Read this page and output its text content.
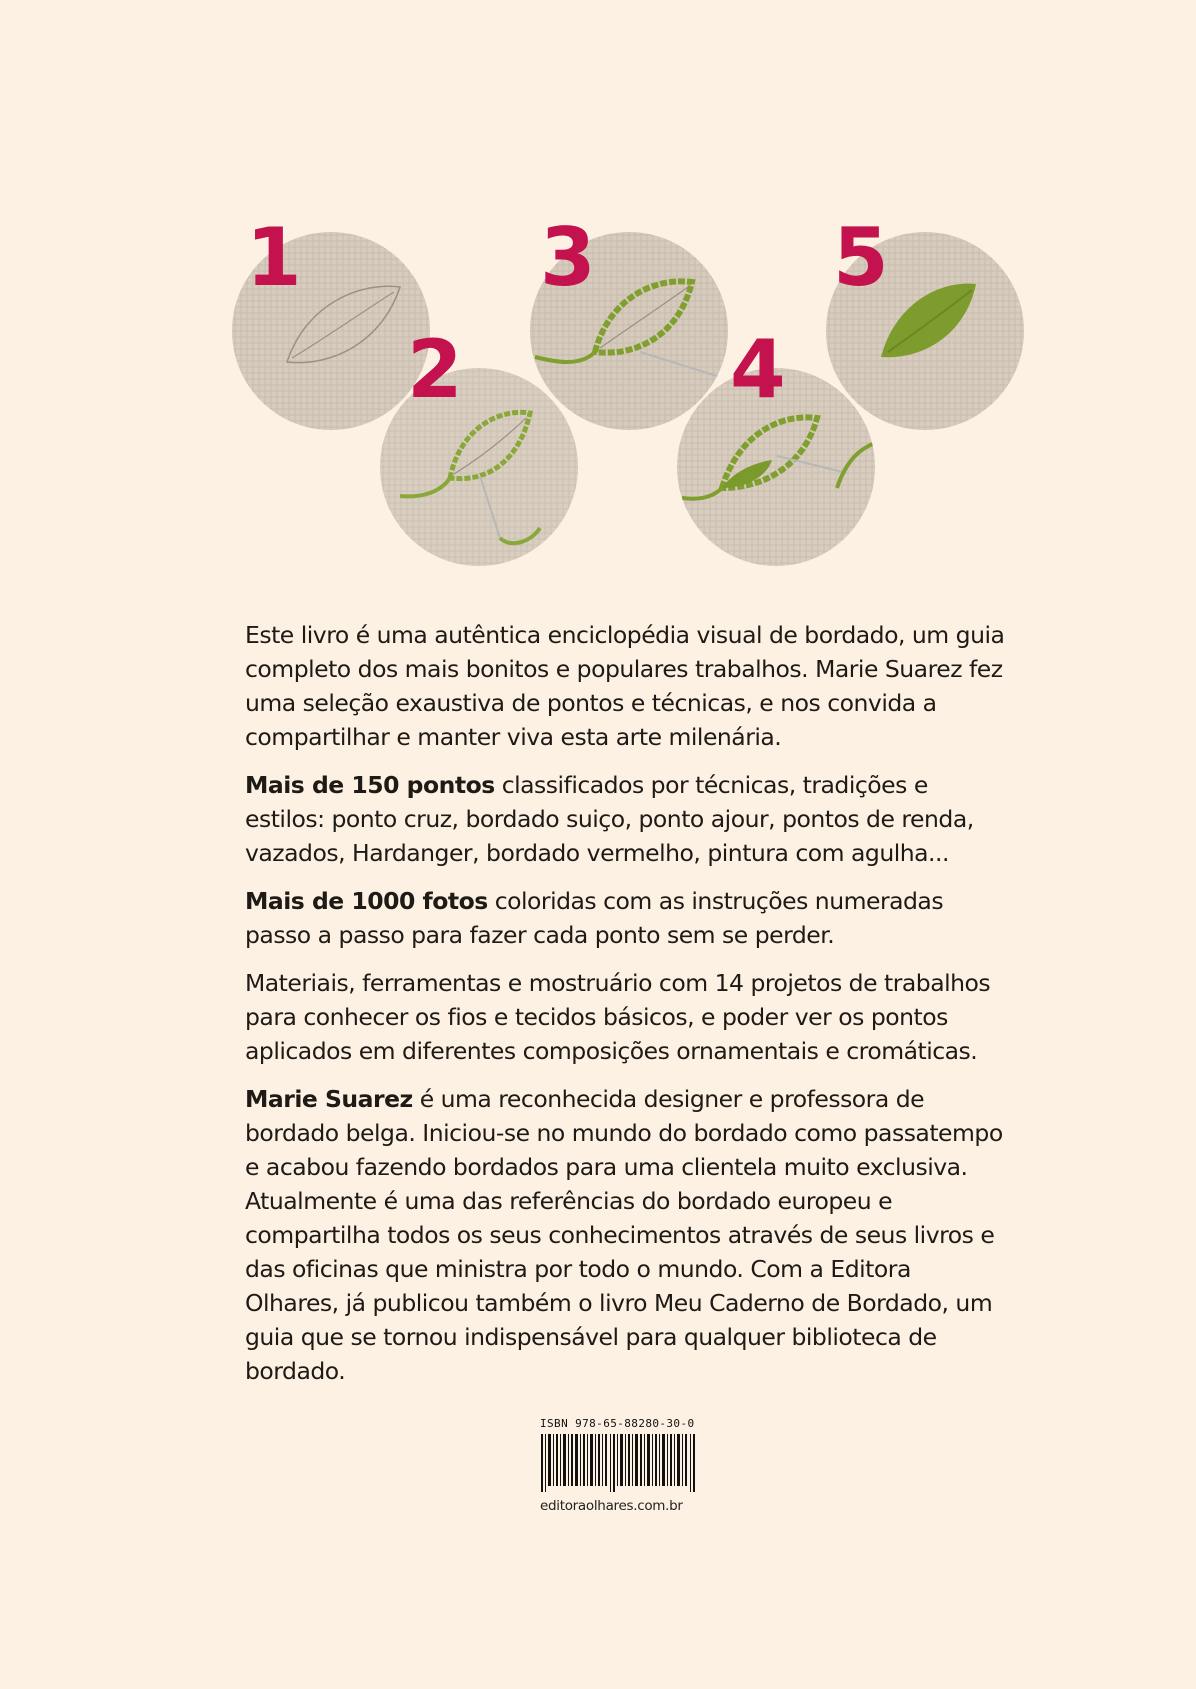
1
2
3
4
5

Este livro é uma autêntica enciclopédia visual de bordado, um guia completo dos mais bonitos e populares trabalhos. Marie Suarez fez uma seleção exaustiva de pontos e técnicas, e nos convida a compartilhar e manter viva esta arte milenária.

Mais de 150 pontos classificados por técnicas, tradições e estilos: ponto cruz, bordado suiço, ponto ajour, pontos de renda, vazados, Hardanger, bordado vermelho, pintura com agulha...

Mais de 1000 fotos coloridas com as instruções numeradas passo a passo para fazer cada ponto sem se perder.

Materiais, ferramentas e mostruário com 14 projetos de trabalhos para conhecer os fios e tecidos básicos, e poder ver os pontos aplicados em diferentes composições ornamentais e cromáticas.

Marie Suarez é uma reconhecida designer e professora de bordado belga. Iniciou-se no mundo do bordado como passatempo e acabou fazendo bordados para uma clientela muito exclusiva. Atualmente é uma das referências do bordado europeu e compartilha todos os seus conhecimentos através de seus livros e das oficinas que ministra por todo o mundo. Com a Editora Olhares, já publicou também o livro Meu Caderno de Bordado, um guia que se tornou indispensável para qualquer biblioteca de bordado.

ISBN 978-65-88280-30-0
editoraolhares.com.br
